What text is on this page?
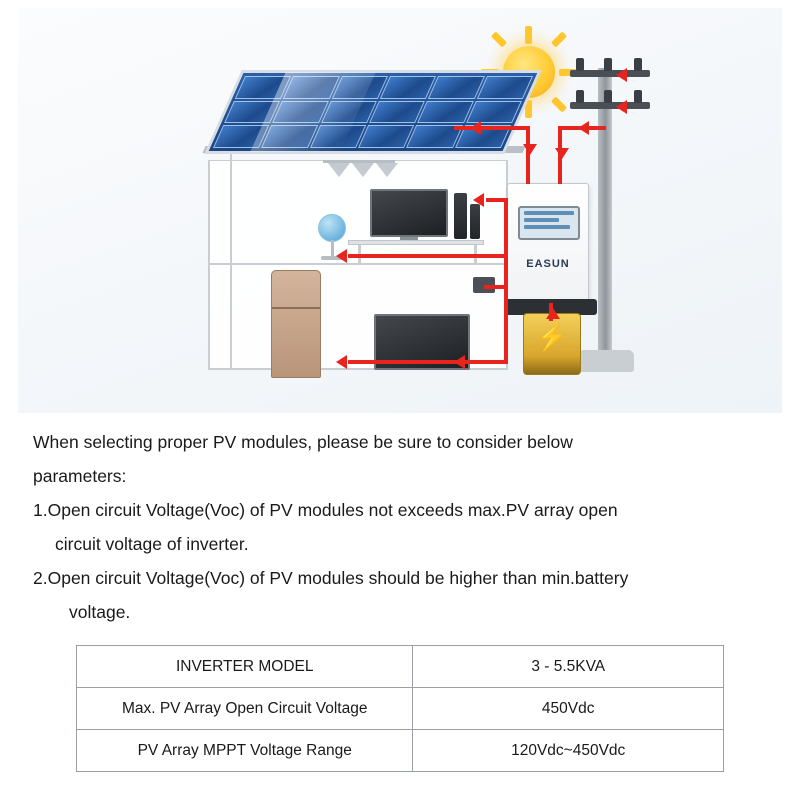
EASUN
⚡

When selecting proper PV modules, please be sure to consider below

parameters:

1.Open circuit Voltage(Voc) of PV modules not exceeds max.PV array open

circuit voltage of inverter.

2.Open circuit Voltage(Voc) of PV modules should be higher than min.battery

voltage.

INVERTER MODEL	3 - 5.5KVA
Max. PV Array Open Circuit Voltage	450Vdc
PV Array MPPT Voltage Range	120Vdc~450Vdc
